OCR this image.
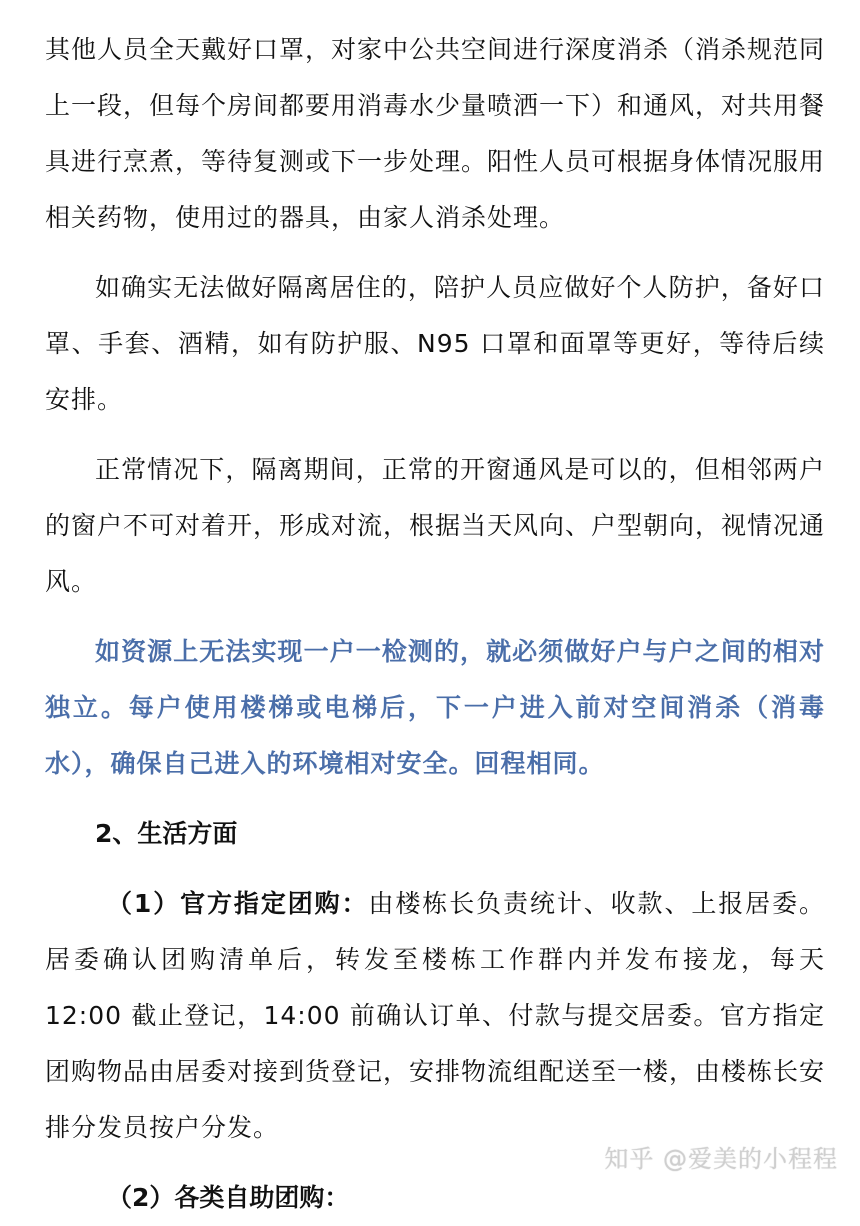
其他人员全天戴好口罩，对家中公共空间进行深度消杀（消杀规范同上一段，但每个房间都要用消毒水少量喷洒一下）和通风，对共用餐具进行烹煮，等待复测或下一步处理。阳性人员可根据身体情况服用相关药物，使用过的器具，由家人消杀处理。

如确实无法做好隔离居住的，陪护人员应做好个人防护，备好口罩、手套、酒精，如有防护服、N95 口罩和面罩等更好，等待后续安排。

正常情况下，隔离期间，正常的开窗通风是可以的，但相邻两户的窗户不可对着开，形成对流，根据当天风向、户型朝向，视情况通风。

如资源上无法实现一户一检测的，就必须做好户与户之间的相对独立。每户使用楼梯或电梯后，下一户进入前对空间消杀（消毒水），确保自己进入的环境相对安全。回程相同。

2、生活方面

（1）官方指定团购：由楼栋长负责统计、收款、上报居委。居委确认团购清单后，转发至楼栋工作群内并发布接龙，每天 12:00 截止登记，14:00 前确认订单、付款与提交居委。官方指定团购物品由居委对接到货登记，安排物流组配送至一楼，由楼栋长安排分发员按户分发。

（2）各类自助团购：

知乎 @爱美的小程程
